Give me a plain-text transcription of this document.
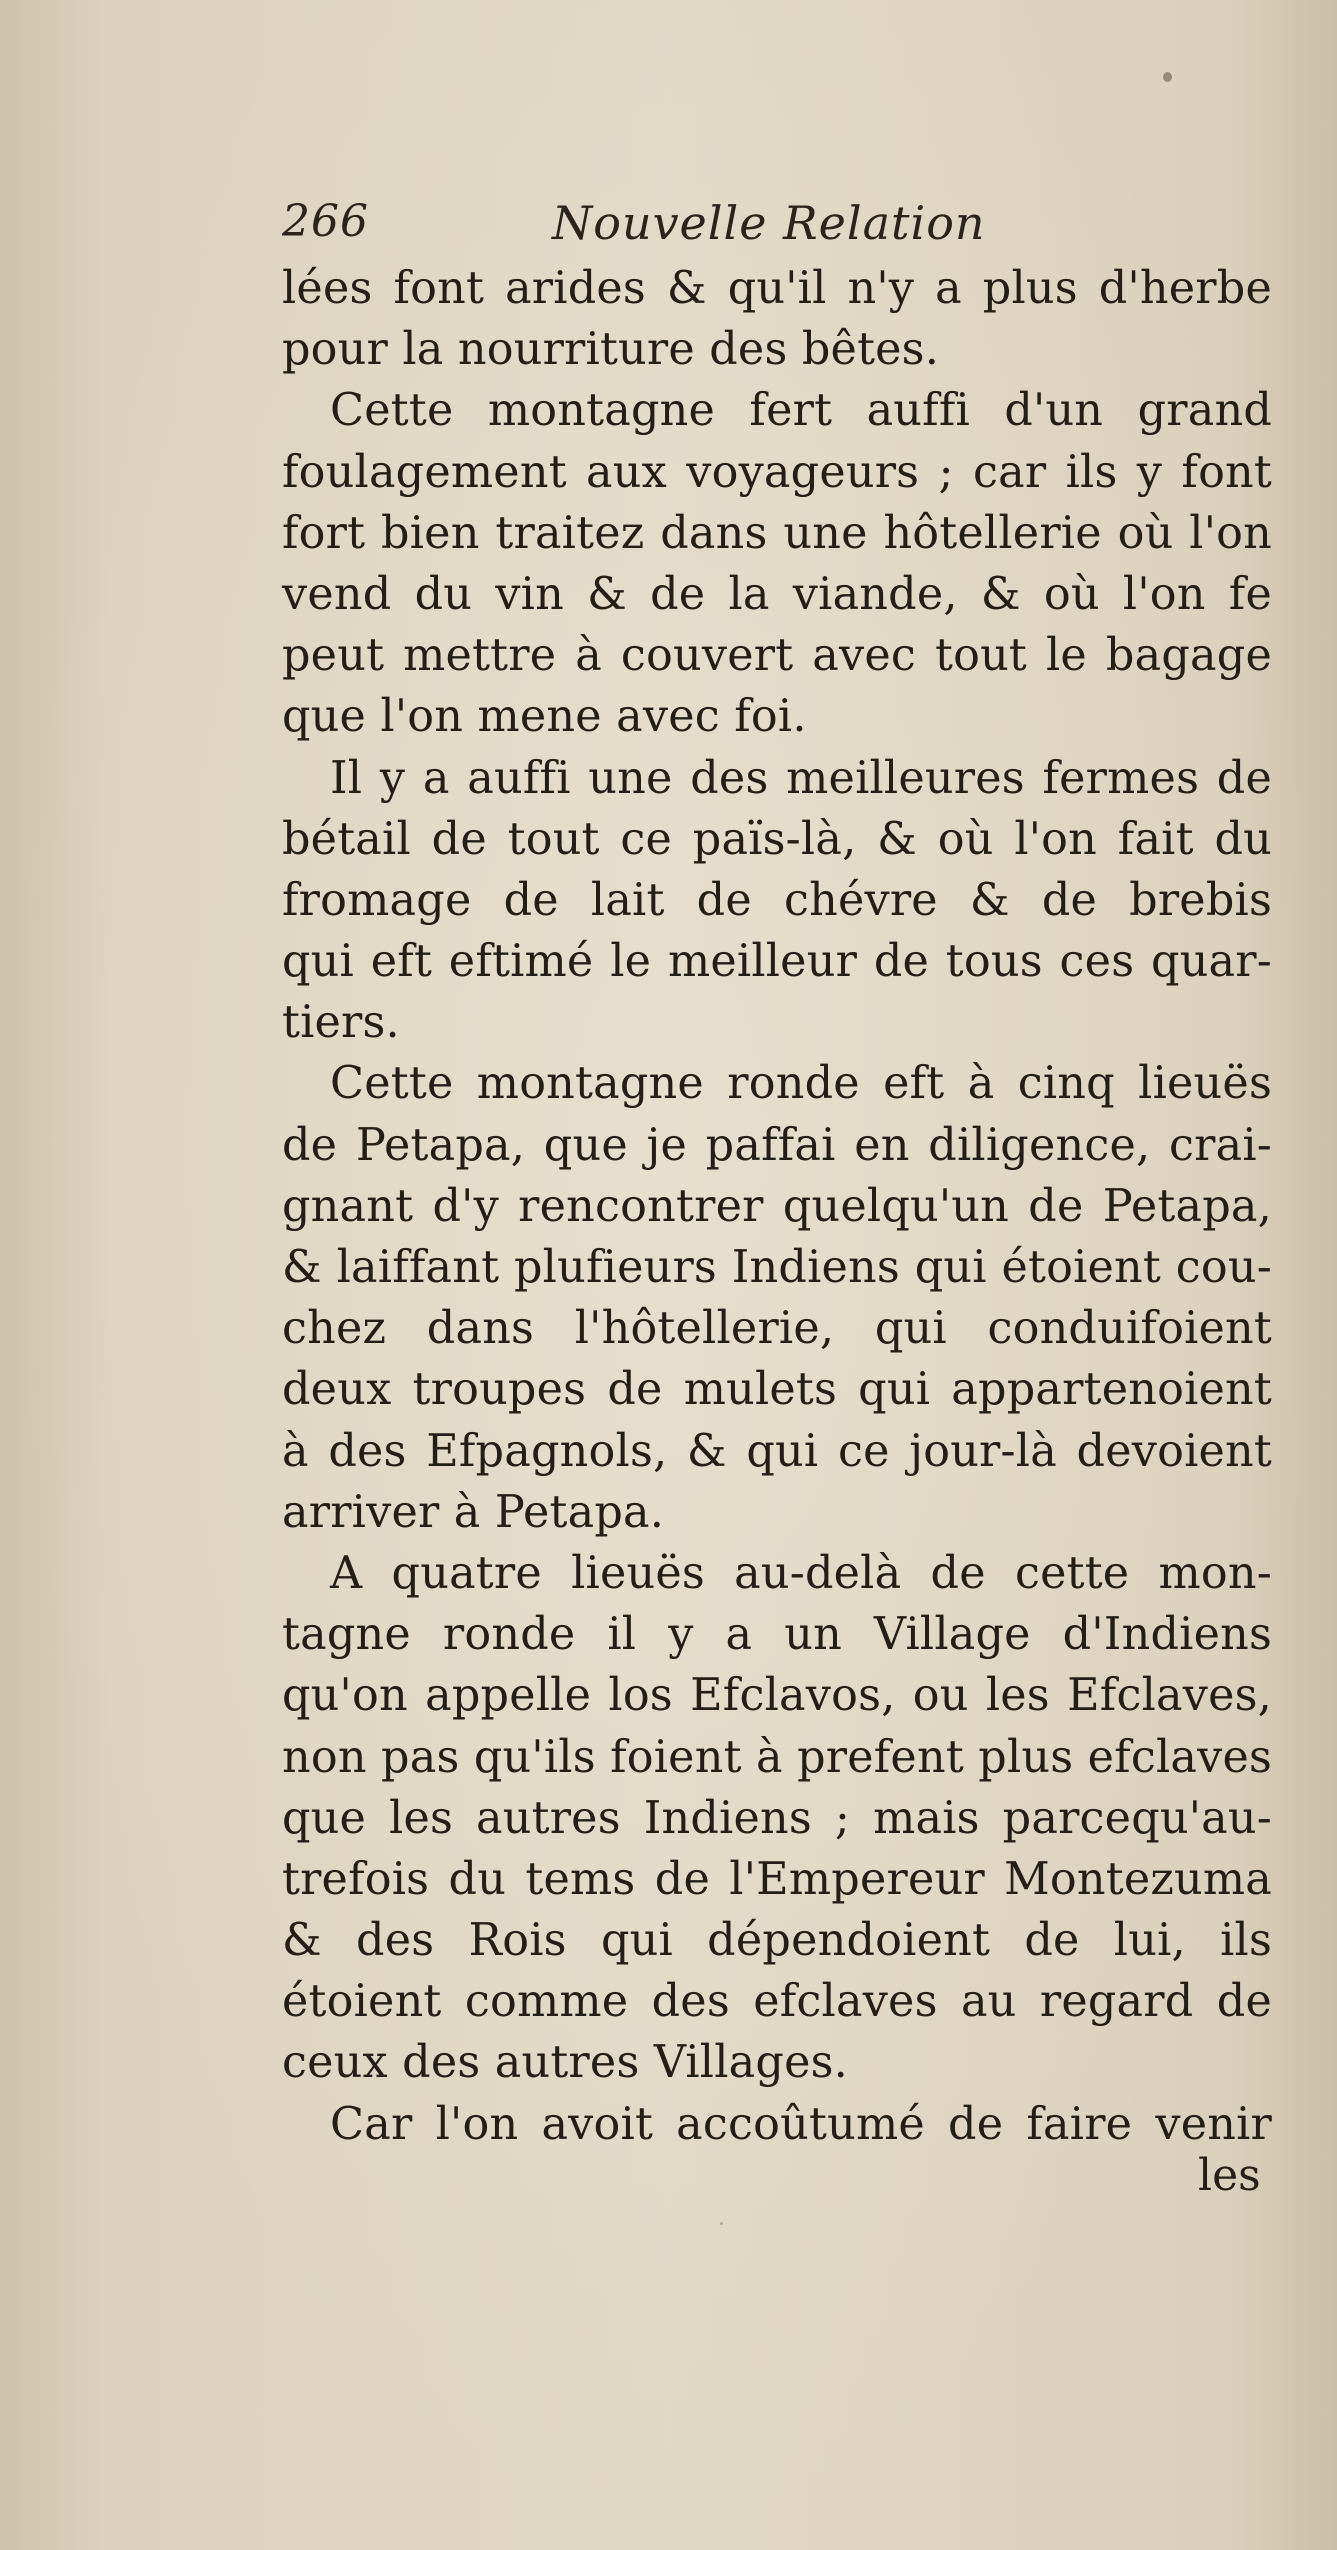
266	Nouvelle Relation
lées font arides & qu'il n'y a plus d'herbe
pour la nourriture des bêtes.
Cette montagne fert auffi d'un grand
foulagement aux voyageurs ; car ils y font
fort bien traitez dans une hôtellerie où l'on
vend du vin & de la viande, & où l'on fe
peut mettre à couvert avec tout le bagage
que l'on mene avec foi.
Il y a auffi une des meilleures fermes de
bétail de tout ce païs-là, & où l'on fait du
fromage de lait de chévre & de brebis
qui eft eftimé le meilleur de tous ces quar-
tiers.
Cette montagne ronde eft à cinq lieuës
de Petapa, que je paffai en diligence, crai-
gnant d'y rencontrer quelqu'un de Petapa,
& laiffant plufieurs Indiens qui étoient cou-
chez dans l'hôtellerie, qui conduifoient
deux troupes de mulets qui appartenoient
à des Efpagnols, & qui ce jour-là devoient
arriver à Petapa.
A quatre lieuës au-delà de cette mon-
tagne ronde il y a un Village d'Indiens
qu'on appelle los Efclavos, ou les Efclaves,
non pas qu'ils foient à prefent plus efclaves
que les autres Indiens ; mais parcequ'au-
trefois du tems de l'Empereur Montezuma
& des Rois qui dépendoient de lui, ils
étoient comme des efclaves au regard de
ceux des autres Villages.
Car l'on avoit accoûtumé de faire venir
les
